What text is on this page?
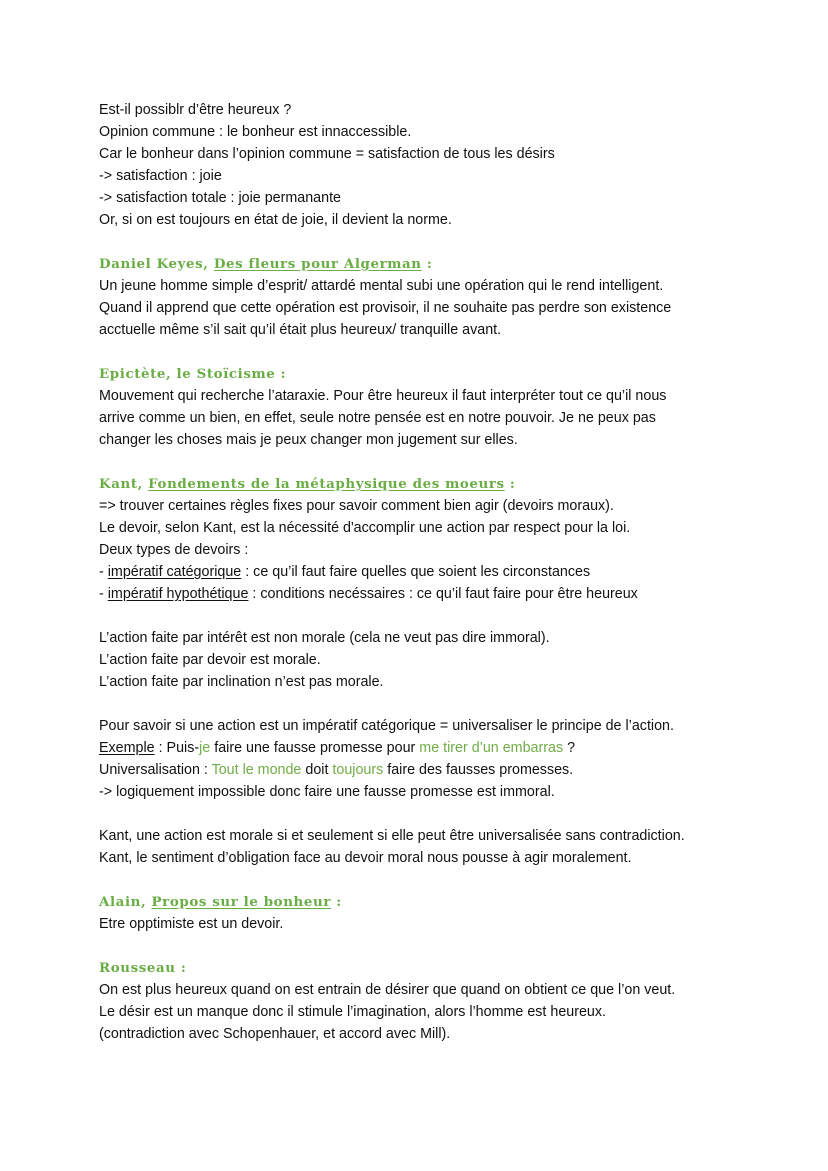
Est-il possiblr d’être heureux ?
Opinion commune : le bonheur est innaccessible.
Car le bonheur dans l’opinion commune = satisfaction de tous les désirs
-> satisfaction : joie
-> satisfaction totale : joie permanante
Or, si on est toujours en état de joie, il devient la norme.
Daniel Keyes, Des fleurs pour Algerman :
Un jeune homme simple d’esprit/ attardé mental subi une opération qui le rend intelligent.
Quand il apprend que cette opération est provisoir, il ne souhaite pas perdre son existence
acctuelle même s’il sait qu’il était plus heureux/ tranquille avant.
Epictète, le Stoïcisme :
Mouvement qui recherche l’ataraxie. Pour être heureux il faut interpréter tout ce qu’il nous
arrive comme un bien, en effet, seule notre pensée est en notre pouvoir. Je ne peux pas
changer les choses mais je peux changer mon jugement sur elles.
Kant, Fondements de la métaphysique des moeurs :
=> trouver certaines règles fixes pour savoir comment bien agir (devoirs moraux).
Le devoir, selon Kant, est la nécessité d'accomplir une action par respect pour la loi.
Deux types de devoirs :
- impératif catégorique : ce qu’il faut faire quelles que soient les circonstances
- impératif hypothétique : conditions necéssaires : ce qu’il faut faire pour être heureux
L’action faite par intérêt est non morale (cela ne veut pas dire immoral).
L’action faite par devoir est morale.
L’action faite par inclination n’est pas morale.
Pour savoir si une action est un impératif catégorique = universaliser le principe de l’action.
Exemple : Puis-je faire une fausse promesse pour me tirer d’un embarras ?
Universalisation : Tout le monde doit toujours faire des fausses promesses.
-> logiquement impossible donc faire une fausse promesse est immoral.
Kant, une action est morale si et seulement si elle peut être universalisée sans contradiction.
Kant, le sentiment d’obligation face au devoir moral nous pousse à agir moralement.
Alain, Propos sur le bonheur :
Etre opptimiste est un devoir.
Rousseau :
On est plus heureux quand on est entrain de désirer que quand on obtient ce que l’on veut.
Le désir est un manque donc il stimule l’imagination, alors l’homme est heureux.
(contradiction avec Schopenhauer, et accord avec Mill).
